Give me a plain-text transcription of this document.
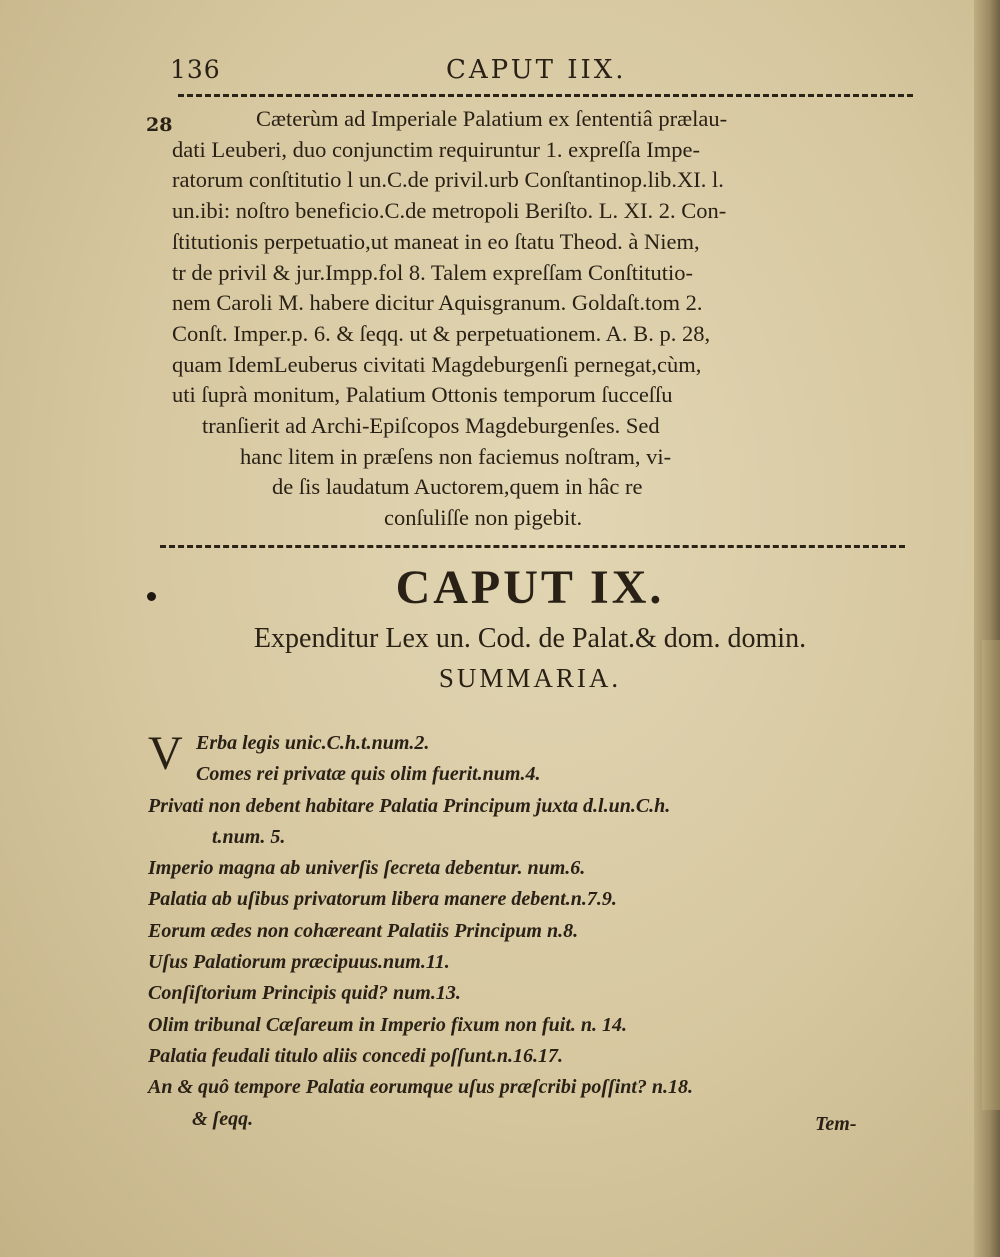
136	CAPUT IIX.
28	Cæterùm ad Imperiale Palatium ex ſententiâ prælau-
dati Leuberi, duo conjunctim requiruntur 1. expreſſa Impe-
ratorum conſtitutio l un.C.de privil.urb Conſtantinop.lib.XI. l.
un.ibi: noſtro beneficio.C.de metropoli Beriſto. L. XI. 2. Con-
ſtitutionis perpetuatio,ut maneat in eo ſtatu Theod. à Niem,
tr de privil & jur.Impp.fol 8. Talem expreſſam Conſtitutio-
nem Caroli M. habere dicitur Aquisgranum. Goldaſt.tom 2.
Conſt. Imper.p. 6. & ſeqq. ut & perpetuationem. A. B. p. 28,
quam IdemLeuberus civitati Magdeburgenſi pernegat,cùm,
uti ſuprà monitum, Palatium Ottonis temporum ſucceſſu
tranſierit ad Archi-Epiſcopos Magdeburgenſes. Sed
hanc litem in præſens non faciemus noſtram, vi-
de ſis laudatum Auctorem,quem in hâc re
conſuliſſe non pigebit.
CAPUT IX.
Expenditur Lex un. Cod. de Palat.& dom. domin.
SUMMARIA.
V Erba legis unic.C.h.t.num.2.
Comes rei privatæ quis olim fuerit.num.4.
Privati non debent habitare Palatia Principum juxta d.l.un.C.h.
t.num. 5.
Imperio magna ab univerſis ſecreta debentur. num.6.
Palatia ab uſibus privatorum libera manere debent.n.7.9.
Eorum ædes non cohæreant Palatiis Principum n.8.
Uſus Palatiorum præcipuus.num.11.
Conſiſtorium Principis quid? num.13.
Olim tribunal Cæſareum in Imperio fixum non fuit. n. 14.
Palatia feudali titulo aliis concedi poſſunt.n.16.17.
An & quô tempore Palatia eorumque uſus præſcribi poſſint? n.18.
& ſeqq.	Tem-
